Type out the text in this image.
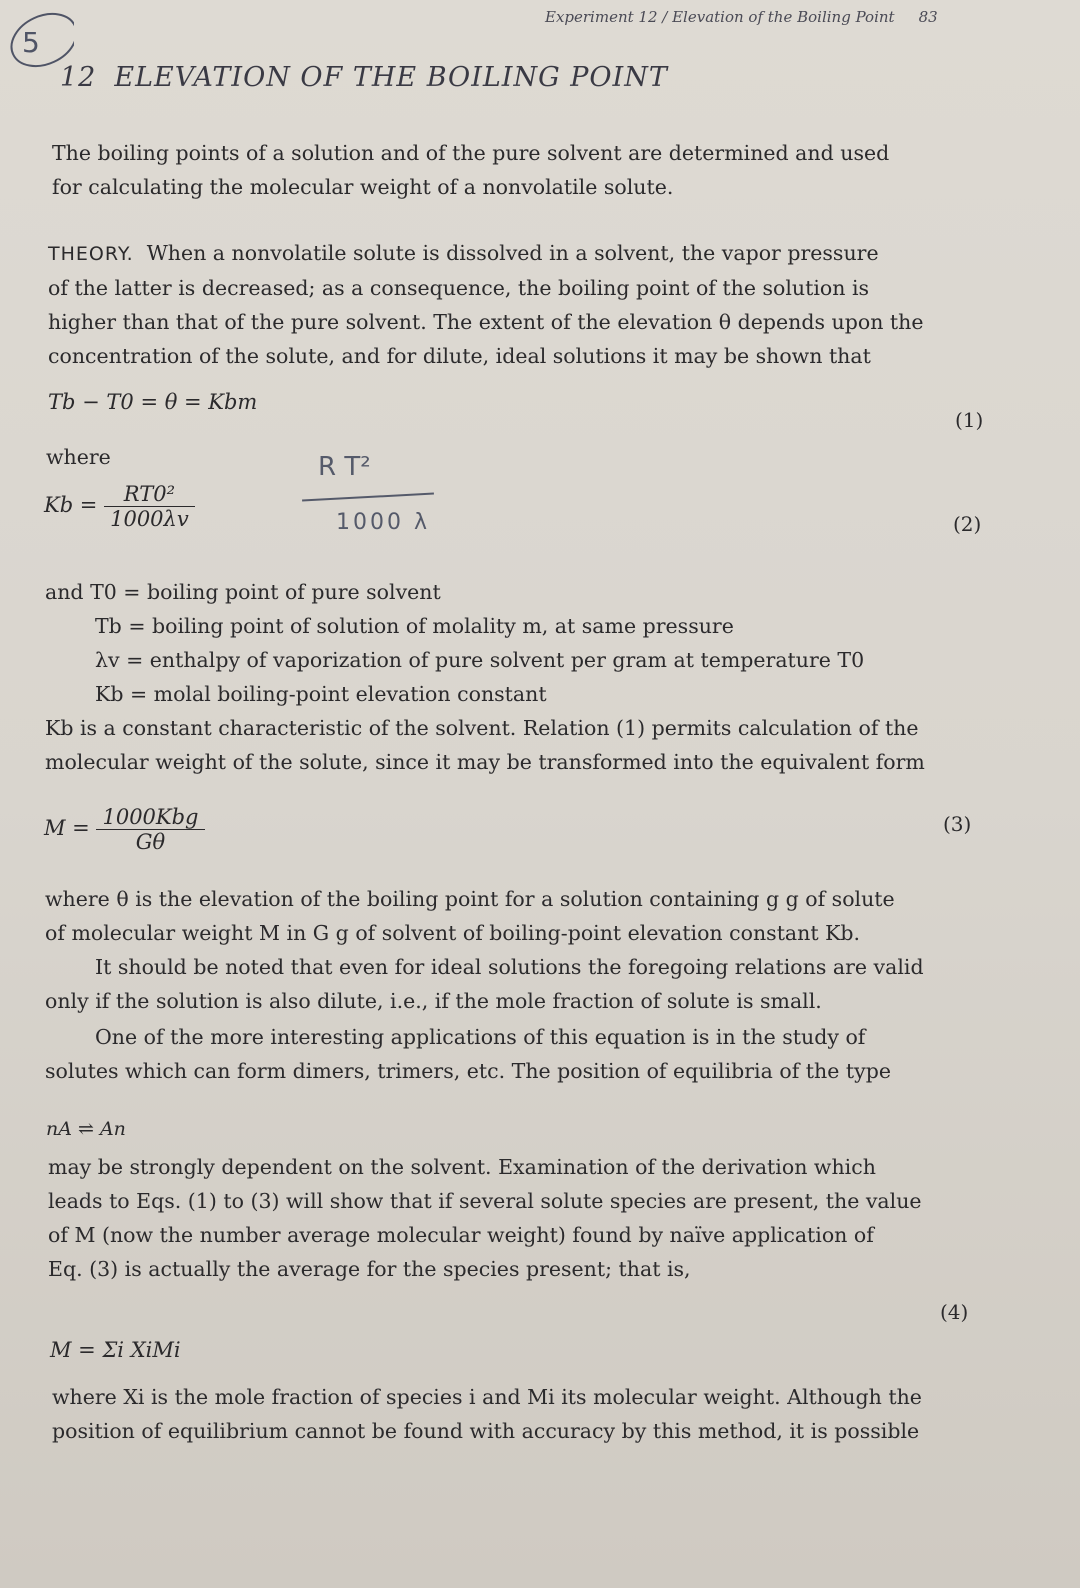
5
Experiment 12 / Elevation of the Boiling Point 83
12 ELEVATION OF THE BOILING POINT

The boiling points of a solution and of the pure solvent are determined and used

for calculating the molecular weight of a nonvolatile solute.

THEORY. When a nonvolatile solute is dissolved in a solvent, the vapor pressure

of the latter is decreased; as a consequence, the boiling point of the solution is

higher than that of the pure solvent. The extent of the elevation θ depends upon the

concentration of the solute, and for dilute, ideal solutions it may be shown that

Tb − T0 = θ = Kbm
(1)
where
$Kb = \frac{\text{RT0²}}{1000\lambda v}$	(2)
R T²
1000 λ

and T0 = boiling point of pure solvent

Tb = boiling point of solution of molality m, at same pressure

λv = enthalpy of vaporization of pure solvent per gram at temperature T0

Kb = molal boiling-point elevation constant

Kb is a constant characteristic of the solvent. Relation (1) permits calculation of the

molecular weight of the solute, since it may be transformed into the equivalent form

$M = \frac{\text{1000Kbg}}{G\theta}$	(3)

where θ is the elevation of the boiling point for a solution containing g g of solute

of molecular weight M in G g of solvent of boiling-point elevation constant Kb.

It should be noted that even for ideal solutions the foregoing relations are valid

only if the solution is also dilute, i.e., if the mole fraction of solute is small.

One of the more interesting applications of this equation is in the study of

solutes which can form dimers, trimers, etc. The position of equilibria of the type

nA ⇌ An

may be strongly dependent on the solvent. Examination of the derivation which

leads to Eqs. (1) to (3) will show that if several solute species are present, the value

of M (now the number average molecular weight) found by naïve application of

Eq. (3) is actually the average for the species present; that is,

(4)
M = Σi XiMi

where Xi is the mole fraction of species i and Mi its molecular weight. Although the

position of equilibrium cannot be found with accuracy by this method, it is possible
